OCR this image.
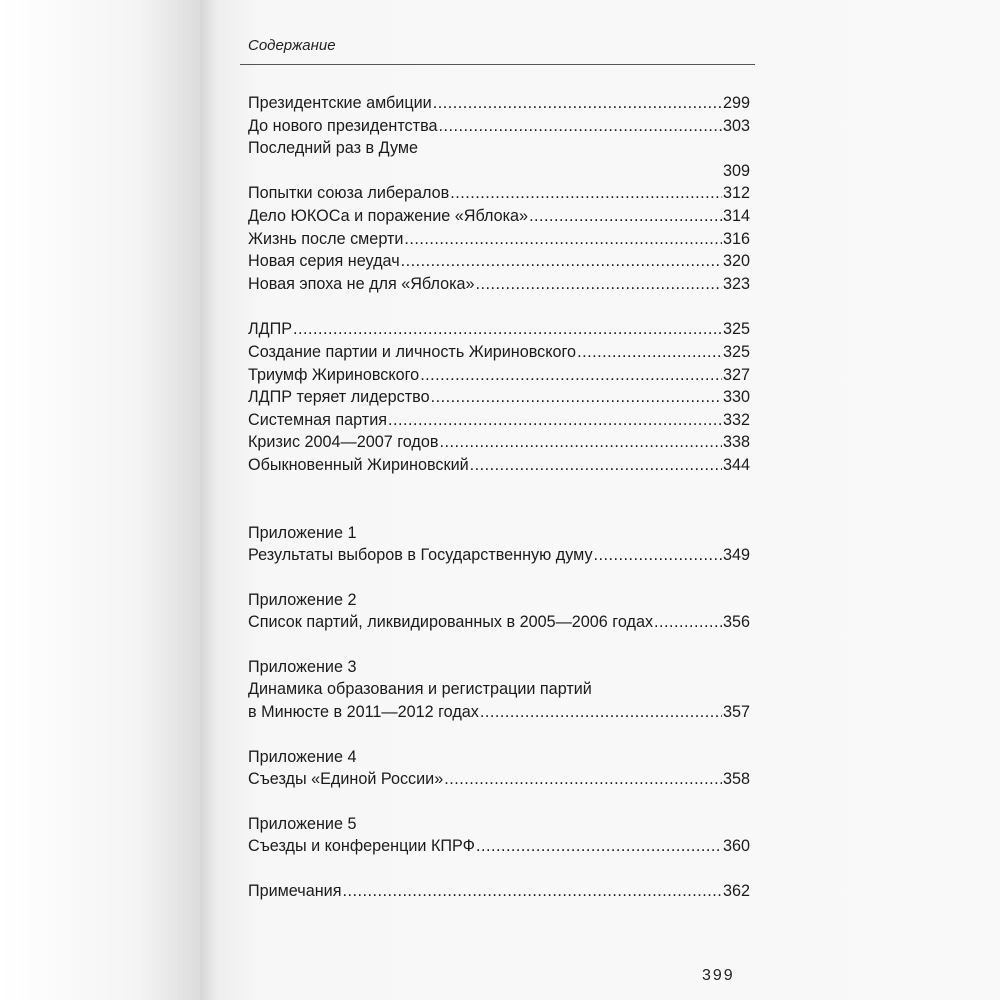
Содержание
Президентские амбиции .....	299
До нового президентства .....	303
Последний раз в Думе
309
Попытки союза либералов .....	312
Дело ЮКОСа и поражение «Яблока» .....	314
Жизнь после смерти .....	316
Новая серия неудач .....	320
Новая эпоха не для «Яблока» .....	323
ЛДПР .....	325
Создание партии и личность Жириновского .....	325
Триумф Жириновского .....	327
ЛДПР теряет лидерство .....	330
Системная партия .....	332
Кризис 2004—2007 годов .....	338
Обыкновенный Жириновский .....	344
Приложение 1
Результаты выборов в Государственную думу .....	349
Приложение 2
Список партий, ликвидированных в 2005—2006 годах .....	356
Приложение 3
Динамика образования и регистрации партий
в Минюсте в 2011—2012 годах .....	357
Приложение 4
Съезды «Единой России» .....	358
Приложение 5
Съезды и конференции КПРФ .....	360
Примечания .....	362
399
